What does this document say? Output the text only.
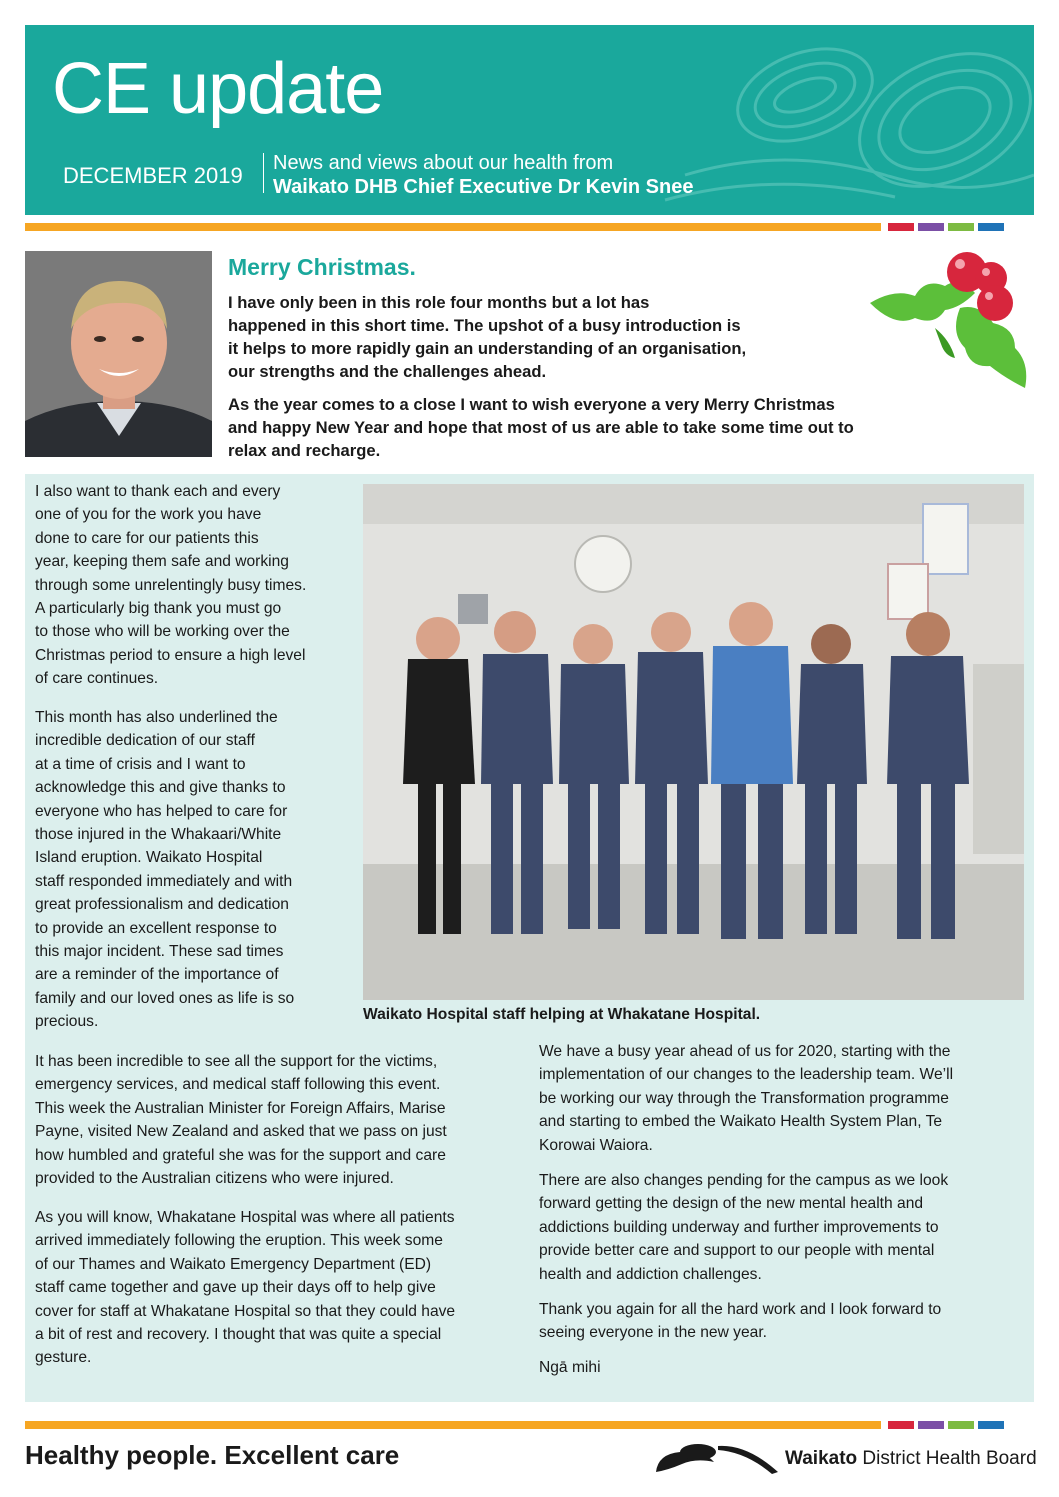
CE update
DECEMBER 2019 News and views about our health from
Waikato DHB Chief Executive Dr Kevin Snee
Merry Christmas.
I have only been in this role four months but a lot has
happened in this short time. The upshot of a busy introduction is
it helps to more rapidly gain an understanding of an organisation,
our strengths and the challenges ahead.
As the year comes to a close I want to wish everyone a very Merry Christmas
and happy New Year and hope that most of us are able to take some time out to
relax and recharge.
I also want to thank each and every
one of you for the work you have
done to care for our patients this
year, keeping them safe and working
through some unrelentingly busy times.
A particularly big thank you must go
to those who will be working over the
Christmas period to ensure a high level
of care continues.
This month has also underlined the
incredible dedication of our staff
at a time of crisis and I want to
acknowledge this and give thanks to
everyone who has helped to care for
those injured in the Whakaari/White
Island eruption. Waikato Hospital
staff responded immediately and with
great professionalism and dedication
to provide an excellent response to
this major incident. These sad times
are a reminder of the importance of
family and our loved ones as life is so
precious.	Waikato Hospital staff helping at Whakatane Hospital.
It has been incredible to see all the support for the victims,
emergency services, and medical staff following this event.
This week the Australian Minister for Foreign Affairs, Marise
Payne, visited New Zealand and asked that we pass on just
how humbled and grateful she was for the support and care
provided to the Australian citizens who were injured.
As you will know, Whakatane Hospital was where all patients
arrived immediately following the eruption. This week some
of our Thames and Waikato Emergency Department (ED)
staff came together and gave up their days off to help give
cover for staff at Whakatane Hospital so that they could have
a bit of rest and recovery. I thought that was quite a special
gesture.
We have a busy year ahead of us for 2020, starting with the
implementation of our changes to the leadership team. We’ll
be working our way through the Transformation programme
and starting to embed the Waikato Health System Plan, Te
Korowai Waiora.
There are also changes pending for the campus as we look
forward getting the design of the new mental health and
addictions building underway and further improvements to
provide better care and support to our people with mental
health and addiction challenges.
Thank you again for all the hard work and I look forward to
seeing everyone in the new year.
Ngā mihi
Healthy people. Excellent care	Waikato District Health Board
